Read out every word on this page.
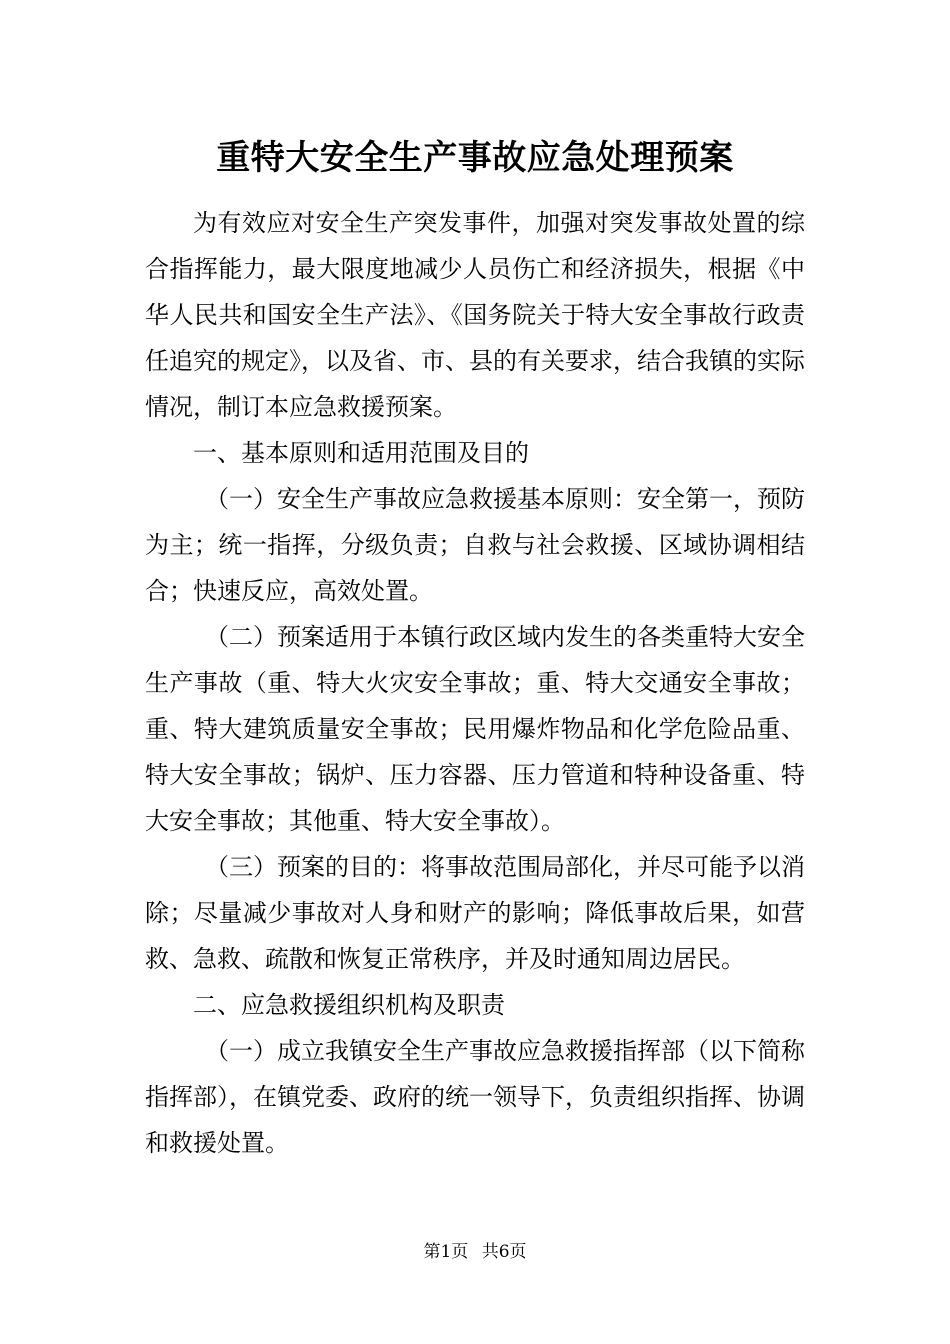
重特大安全生产事故应急处理预案

为有效应对安全生产突发事件，加强对突发事故处置的综合指挥能力，最大限度地减少人员伤亡和经济损失，根据《中华人民共和国安全生产法》、《国务院关于特大安全事故行政责任追究的规定》，以及省、市、县的有关要求，结合我镇的实际情况，制订本应急救援预案。

一、基本原则和适用范围及目的

（一）安全生产事故应急救援基本原则：安全第一，预防为主；统一指挥，分级负责；自救与社会救援、区域协调相结合；快速反应，高效处置。

（二）预案适用于本镇行政区域内发生的各类重特大安全生产事故（重、特大火灾安全事故；重、特大交通安全事故；重、特大建筑质量安全事故；民用爆炸物品和化学危险品重、特大安全事故；锅炉、压力容器、压力管道和特种设备重、特大安全事故；其他重、特大安全事故）。

（三）预案的目的：将事故范围局部化，并尽可能予以消除；尽量减少事故对人身和财产的影响；降低事故后果，如营救、急救、疏散和恢复正常秩序，并及时通知周边居民。

二、应急救援组织机构及职责

（一）成立我镇安全生产事故应急救援指挥部（以下简称指挥部），在镇党委、政府的统一领导下，负责组织指挥、协调和救援处置。

第1页 共6页
